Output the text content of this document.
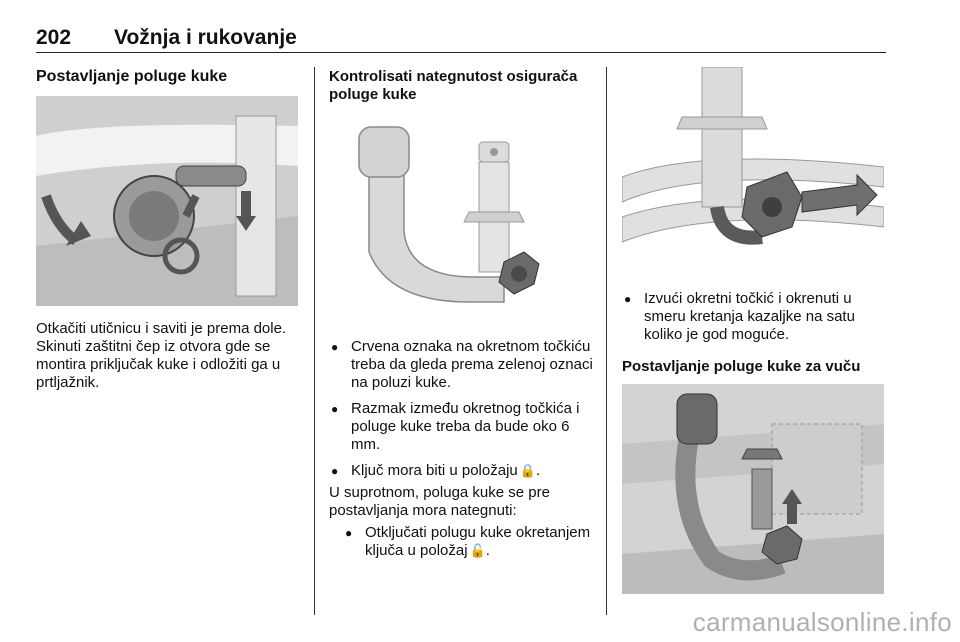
202 Vožnja i rukovanje
Postavljanje poluge kuke
Otkačiti utičnicu i saviti je prema dole. Skinuti zaštitni čep iz otvora gde se montira priključak kuke i odložiti ga u prtljažnik.
Kontrolisati nategnutost osigurača poluge kuke
● Crvena oznaka na okretnom točkiću treba da gleda prema zelenoj oznaci na poluzi kuke.
● Razmak između okretnog točkića i poluge kuke treba da bude oko 6 mm.
● Ključ mora biti u položaju 🔒.
U suprotnom, poluga kuke se pre postavljanja mora nategnuti:
● Otključati polugu kuke okretanjem ključa u položaj 🔓.
● Izvući okretni točkić i okrenuti u smeru kretanja kazaljke na satu koliko je god moguće.
Postavljanje poluge kuke za vuču
carmanualsonline.info
